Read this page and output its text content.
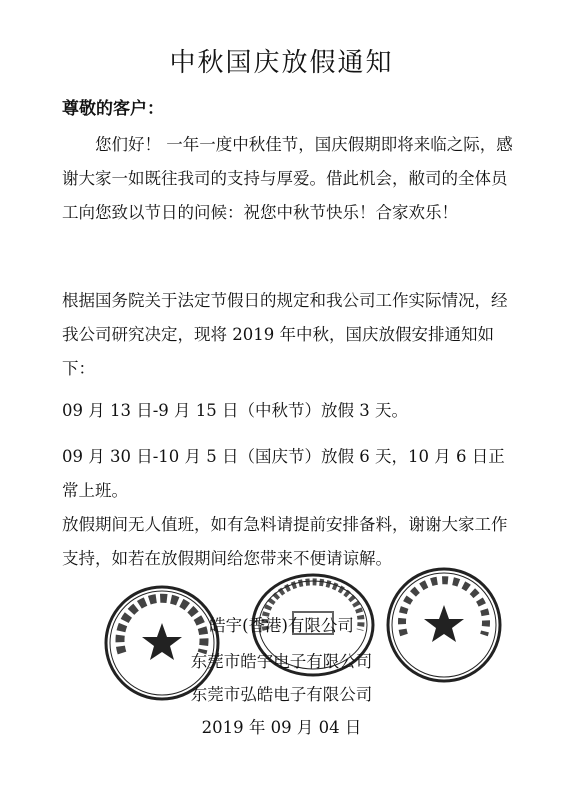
中秋国庆放假通知
尊敬的客户：

您们好！ 一年一度中秋佳节，国庆假期即将来临之际，感谢大家一如既往我司的支持与厚爱。借此机会，敝司的全体员工向您致以节日的问候：祝您中秋节快乐！合家欢乐！

根据国务院关于法定节假日的规定和我公司工作实际情况，经我公司研究决定，现将 2019 年中秋，国庆放假安排通知如下：

09 月 13 日-9 月 15 日（中秋节）放假 3 天。

09 月 30 日-10 月 5 日（国庆节）放假 6 天，10 月 6 日正常上班。

放假期间无人值班，如有急料请提前安排备料，谢谢大家工作支持，如若在放假期间给您带来不便请谅解。

皓宇(香港)有限公司
东莞市皓宇电子有限公司
东莞市弘皓电子有限公司
2019 年 09 月 04 日
